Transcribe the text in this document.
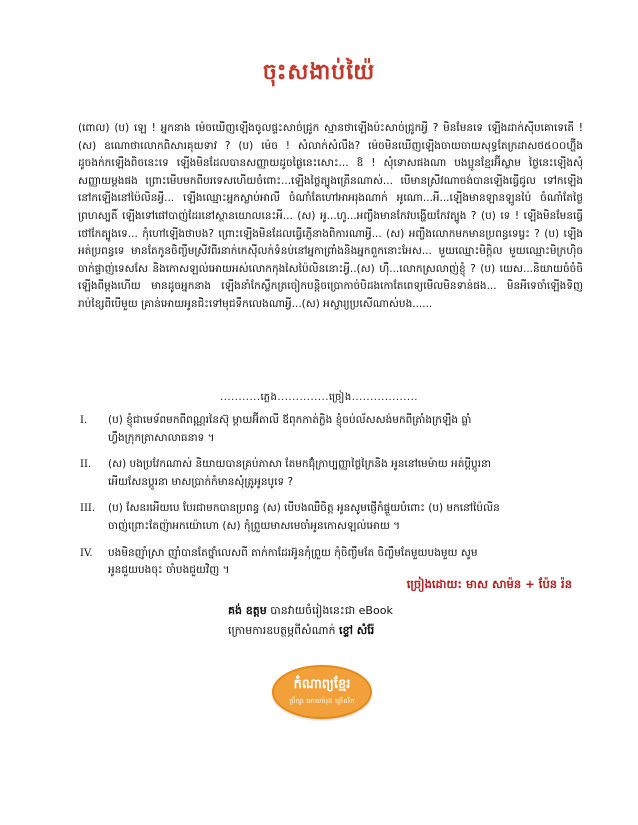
ចុះសងាប់យ៉ៃ
(ពោល) (ប) ឡេ ! អ្នកនាង ម៉េចឃើញឡើងចូលផ្ទះសាច់ជ្រូក ស្មានថាឡើងប៉ះសាច់ជ្រូកអ្វី ? មិនមែនទេ ឡើងដាក់ស៊ីបគោទេតើ ! (ស) ឧណោថាលោកពិសារគុយទាវ ? (ប) ម៉េច ! សំលាក់សំលឹង? ម៉េចមិនឃើញឡើងចាយចាយសុទ្ធតែក្រដាសថ៥០០ហ្ហ៊ីងដូចងក់កឡើងពិចនេះទេ ឡើងមិនដែលបានសញ្ញាយដូចផ្ងៃនេះសោះ... ឱ ! សុំទោសផងណា បងប្អូនខ្មែរអ៊ីស្លាម ថ្ងៃនេះឡើងសុំសញ្ញាយម្តងផង ព្រោះមើបមកពីបរទេសហើយចំពោះ...ឡើងថ្លៃត្បូងត្រើនណាស់... បើមានស្រីវណាចង់បានឡើងធ្វើជូល ទៅកឡើងនៅកឡើងនៅប៉ៃលិនអ្វី... ឡើងឈ្មោះអ្នកស្លាប់អាលី ចំណាំតែហៅអាអរុងណាក់ អូណោ...អី...ឡើងមានឡានឡូនប៉ៃ ចំណាំតែថ្ងៃព្រហស្បតិ៍ ឡើងទៅផៅបាញ់ដែរនៅស្ថានយោលនេះអី... (ស) អូ...ហូ...អញ្ចឹងមានកែវបង្ហើយកែវត្បូង ? (ប) ទេ ! ឡើងមិនមែនធ្វើថៅកែត្បូងទេ... កុំហៅឡើងថាបង? ព្រោះឡើងមិនដែលធ្វើភ្ញើនាងពិការណាអ្វី... (ស) អញ្ចឹងលោកមកមានប្រពន្ធទេរ្វេះ ? (ប) ឡើងអត់ប្រពន្ធទេ មានតែកូនចិញ្ចឹមស្រីវពីរនាក់កេស៊ីលក់ទំនប់នៅអ្នកាព្រាំងនិងអ្នកពួកនោះអែស... មួយឈ្មោះមិក្តិល មួយឈ្មោះមិក្រហ៊ិច ចាក់ផ្ទាញ់ទេសសែ និងកោសឡល់អោយអស់លោកកុងសៃប៉ៃលិននោះអ្វី..(ស) ហ៊ឺ...លោកស្រលាញ់ខ្ញុំ ? (ប) យេស...និយាយចំចំចិឡើងពីម្តងហើយ មានដូចអ្នកនាង ឡើងនាំកែស្លឹកត្រចៀកបន្តិចប្រោកាច់បិដងកោតែពេទ្យមើលមិនទាន់ផង... មិនអីទេចាំឡើងទិញរាប់ខ្សៃពីបើមួយ គ្រាន់អោយអូនជិះទៅមុជទឹកលេងណាអ្វី...(ស) អស្ចារ្យប្រសើណាស់បង......
...........ភ្លេង..............ច្រៀង..................
I.	(ប) ខ្ញុំជាមេទ័ពមកពីពណ្ណរនៃស៊ុ ម្ដាយអ៊ីតាលី ឪពុកកាត់ក្លិង ខ្ញុំចប់ល័សសង់មកពីត្រាំងក្រឡឹង ធ្លាំ
ហ្វឹងក្រុកត្រាសាលាធនាទ ។
II.	(ស) បងប្រវែកណាស់ និយាយបានគ្រប់ភាសា តែមកធ៊ុំក្រាប្បញ្ញាថ្លៃក្រៃនិង អូននៅមេម៉ាយ អត់ប្តីប្តូរនា
អើយសែនប្ដូរនា មាសប្រាក់កំមានសុំត្រូអូនបូទេ ?
III.	(ប) សែនរអើយបេ បែរជាមកបានប្រពន្ធ (ស) បើបងឈឺចិត្ត អូនសូមផ្ញើកំផ្ទួយបំពោះ (ប) មកនៅប៉ៃលិន
ចាញ់ព្រោះតែញ៉ាអកយ៉ោហោ (ស) កុំព្រួយមាសមេចាំអូនកោសឡល់អោយ ។
IV.	បងមិនញ៉ាំស្រា ញ៉ាំបានតែថ្នាំលេសពី តាក់កាដែរអ៊ូនកុំព្រួយ កុំចិញ្ចឹមតែ ចិញ្ចឹមតែមួយបងមួយ សូម
អូនជួយបងចុះ ចាំបងជួយវិញ ។
ច្រៀងដោយ: មាស សាម៉ន + ប៉ែន រ៉ន
គង់ ឧត្តម បានវាយចំរៀងនេះជា eBook
ក្រោមការឧបត្ថម្ភពីសំណាក់ ខ្ទៅ សំរ៉ែ
កំណាព្យខ្មែរ
ប្រឹក្សា អោយចំរុង ក្រើនរីក
